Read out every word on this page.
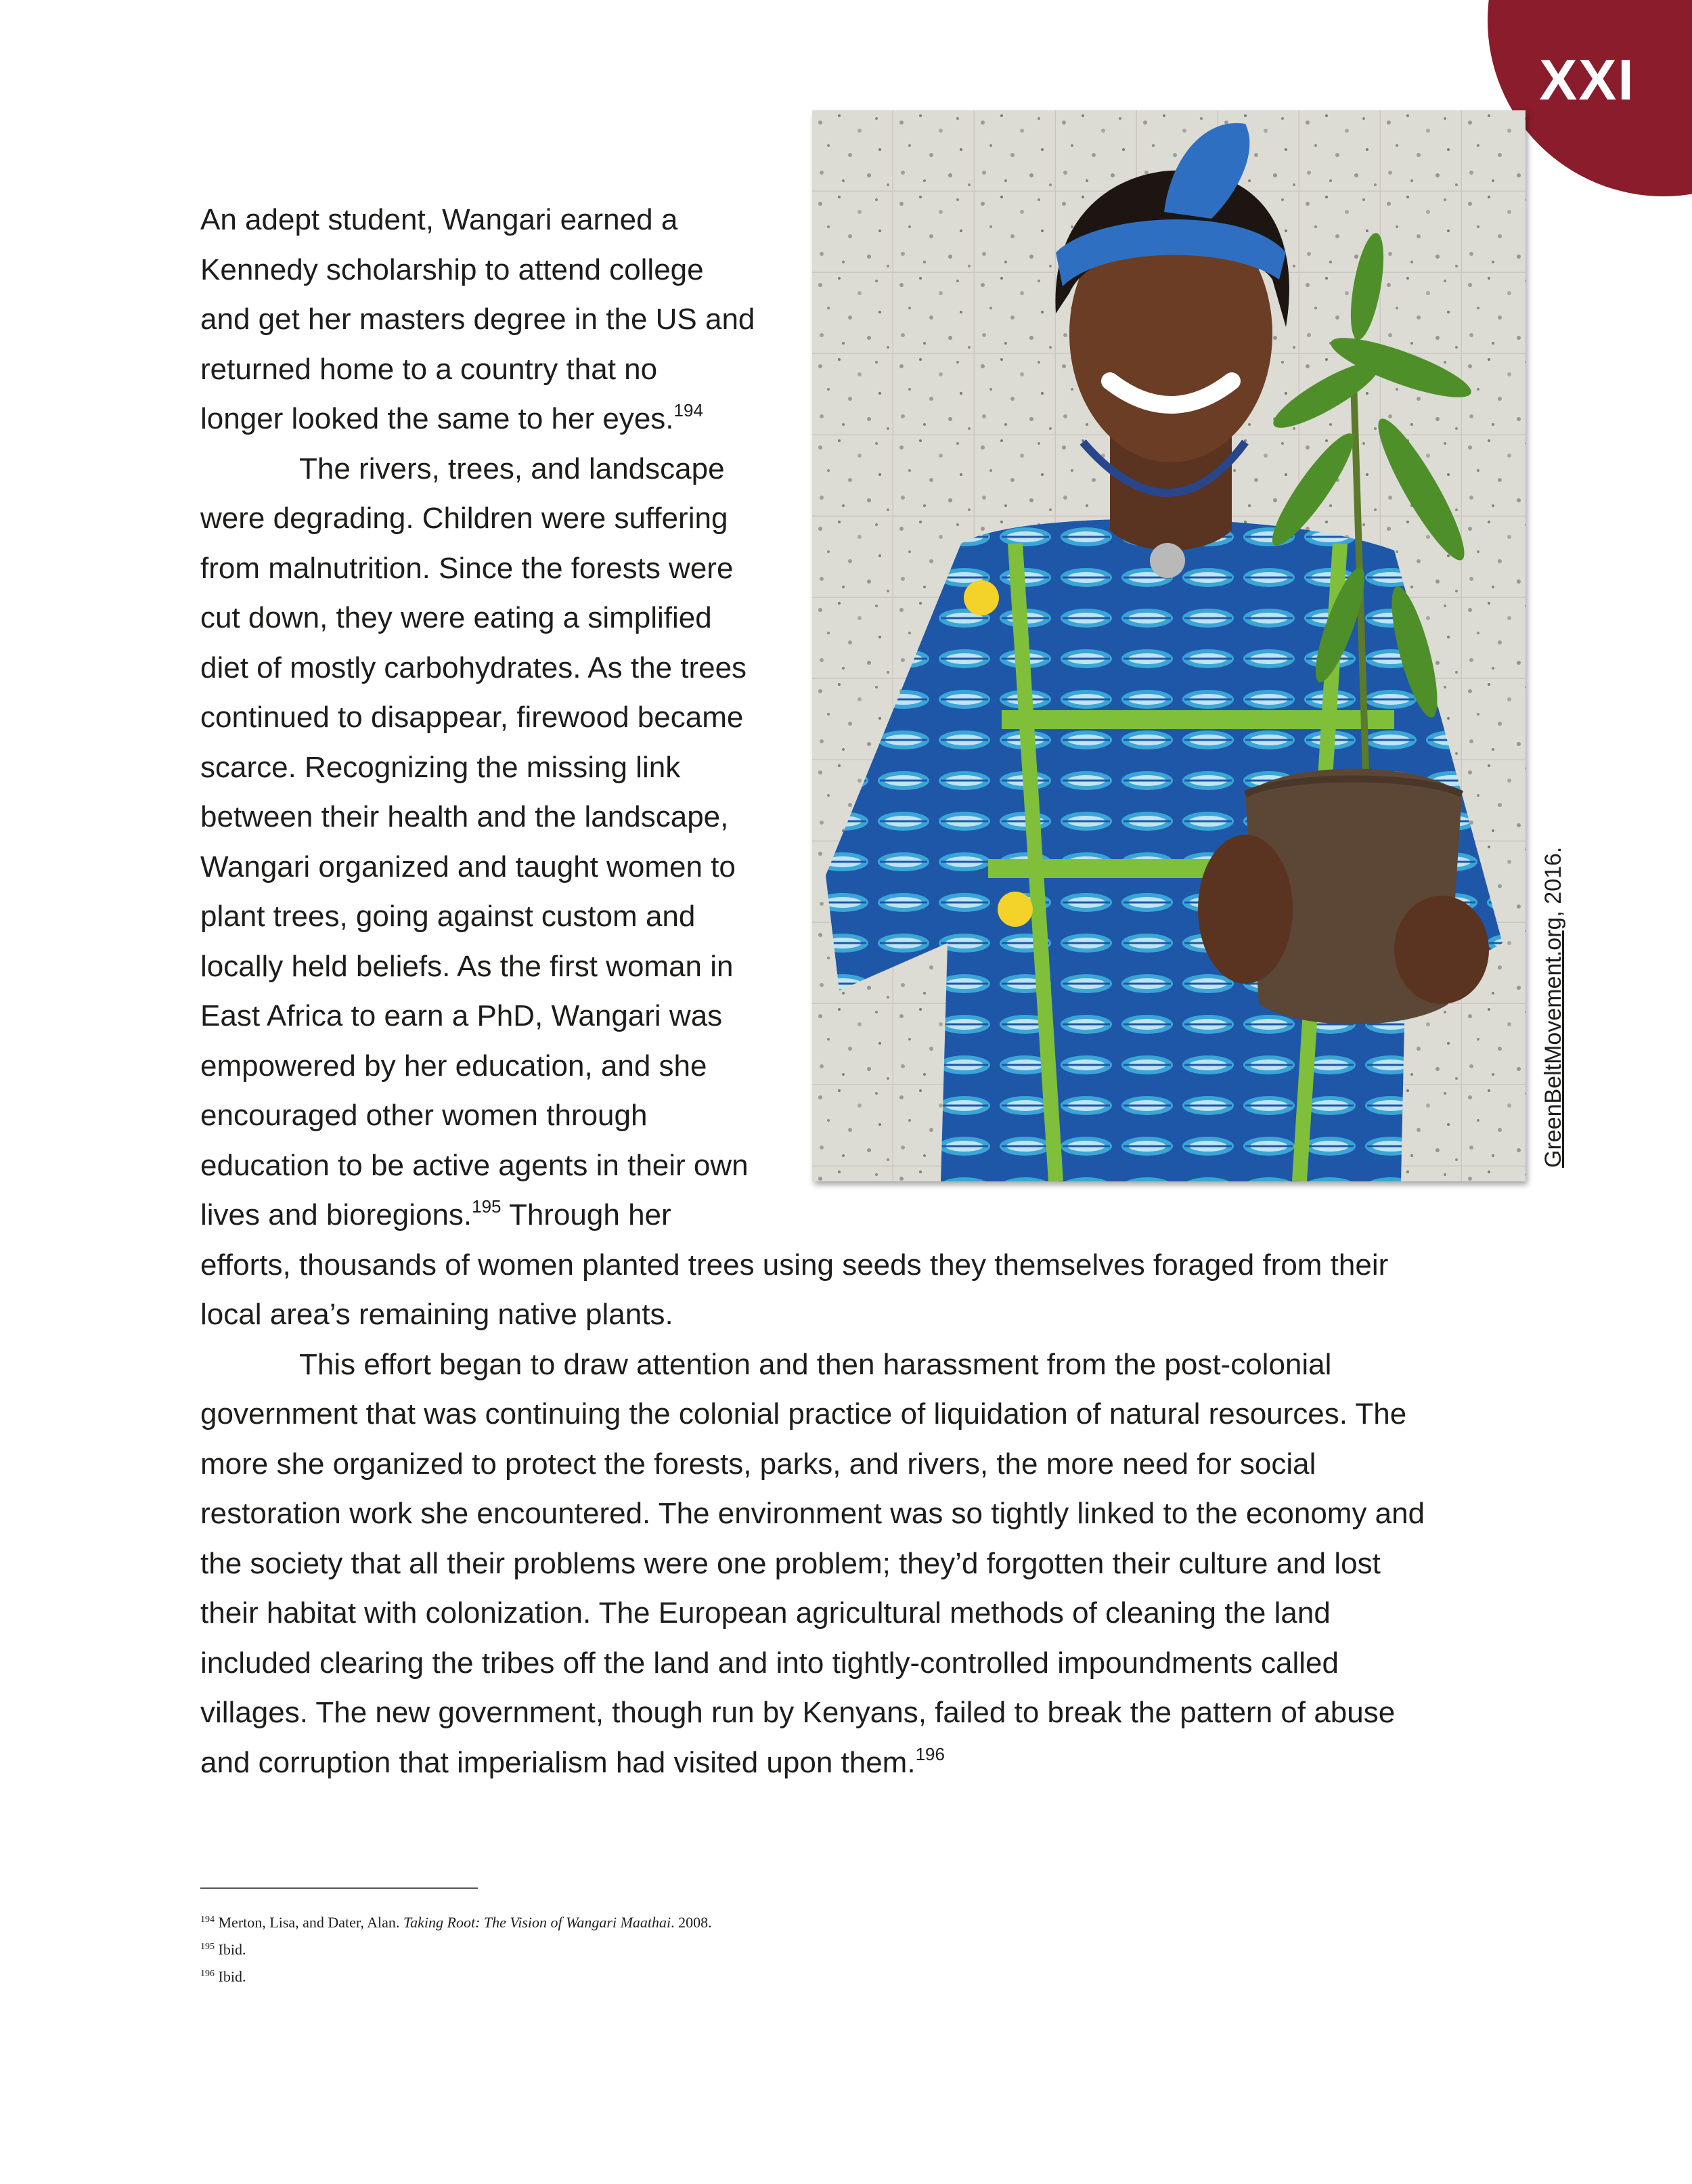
XXI
GreenBeltMovement.org, 2016.

An adept student, Wangari earned a
Kennedy scholarship to attend college
and get her masters degree in the US and
returned home to a country that no
longer looked the same to her eyes.$^{194}$

The rivers, trees, and landscape
were degrading. Children were suffering
from malnutrition. Since the forests were
cut down, they were eating a simplified
diet of mostly carbohydrates. As the trees
continued to disappear, firewood became
scarce. Recognizing the missing link
between their health and the landscape,
Wangari organized and taught women to
plant trees, going against custom and
locally held beliefs. As the first woman in
East Africa to earn a PhD, Wangari was
empowered by her education, and she
encouraged other women through
education to be active agents in their own
lives and bioregions.$^{195}$ Through her
efforts, thousands of women planted trees using seeds they themselves foraged from their
local area’s remaining native plants.

This effort began to draw attention and then harassment from the post-colonial
government that was continuing the colonial practice of liquidation of natural resources. The
more she organized to protect the forests, parks, and rivers, the more need for social
restoration work she encountered. The environment was so tightly linked to the economy and
the society that all their problems were one problem; they’d forgotten their culture and lost
their habitat with colonization. The European agricultural methods of cleaning the land
included clearing the tribes off the land and into tightly-controlled impoundments called
villages. The new government, though run by Kenyans, failed to break the pattern of abuse
and corruption that imperialism had visited upon them.$^{196}$

$^{194}$ Merton, Lisa, and Dater, Alan. Taking Root: The Vision of Wangari Maathai. 2008.
$^{195}$ Ibid.
$^{196}$ Ibid.
